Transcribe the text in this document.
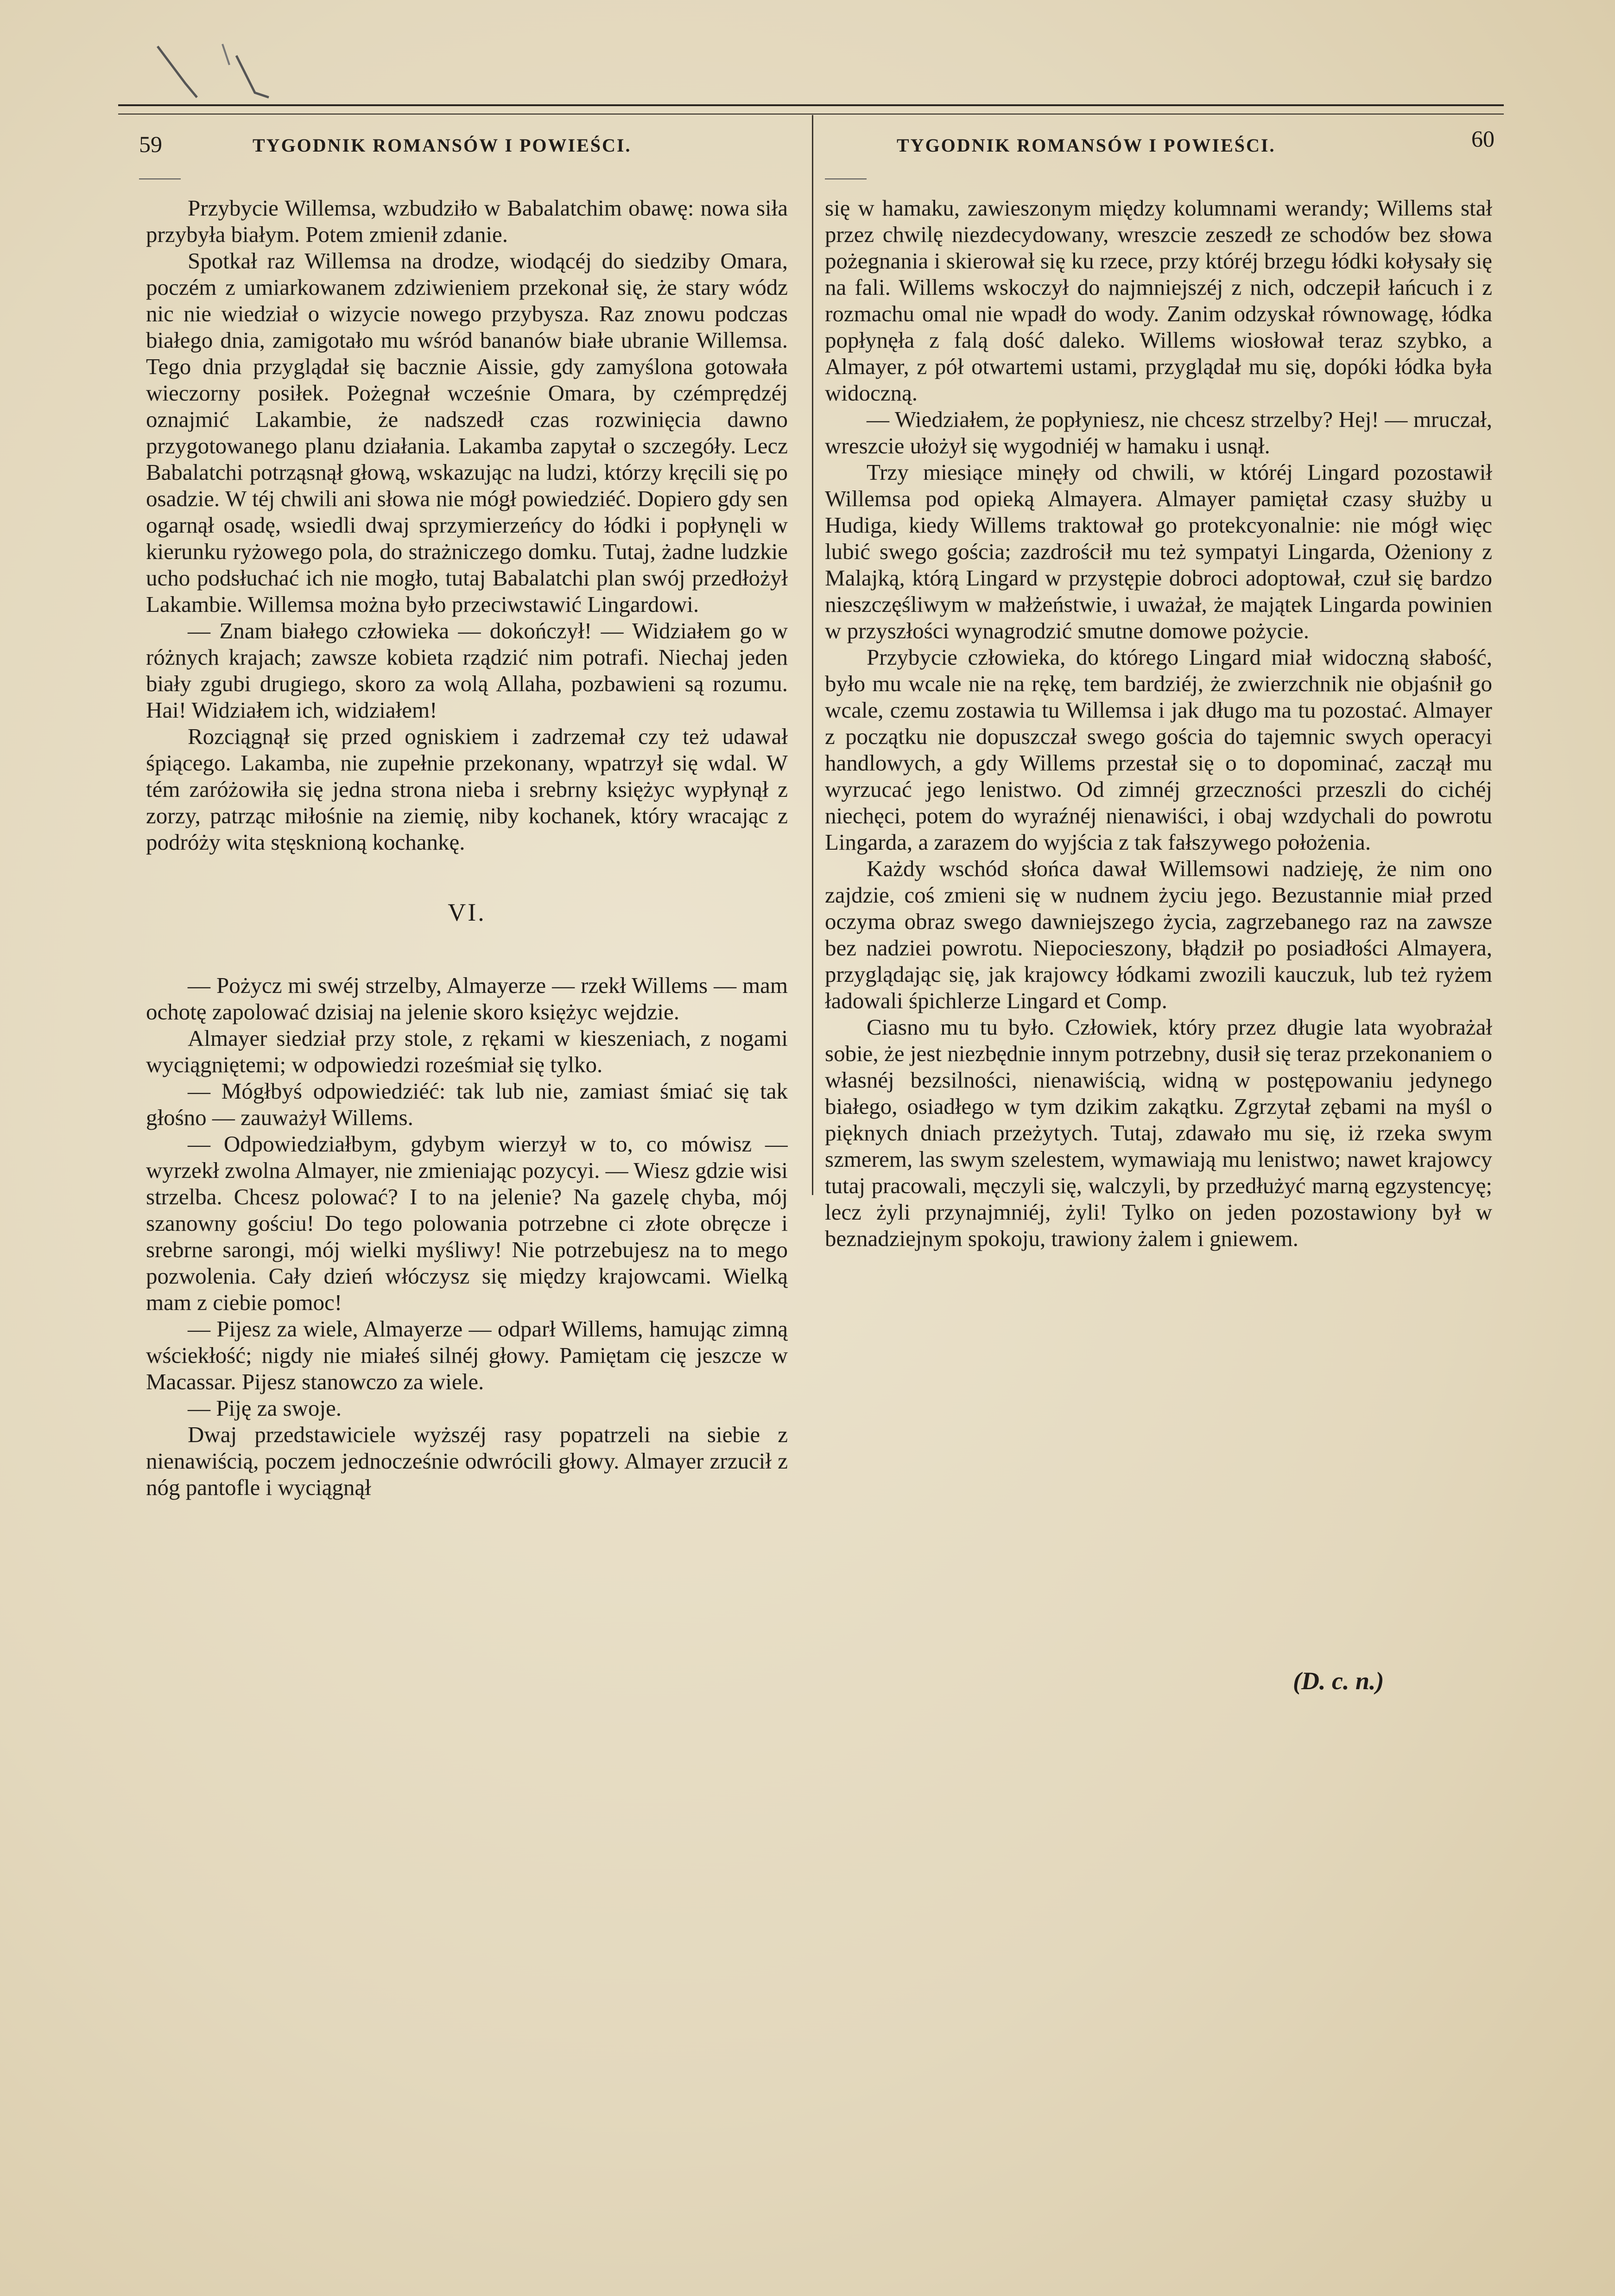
59	TYGODNIK ROMANSÓW I POWIEŚCI.	TYGODNIK ROMANSÓW I POWIEŚCI.	60

Przybycie Willemsa, wzbudziło w Babalatchim obawę: nowa siła przybyła białym. Potem zmienił zdanie.

Spotkał raz Willemsa na drodze, wiodącéj do siedziby Omara, poczém z umiarkowanem zdziwieniem przekonał się, że stary wódz nic nie wiedział o wizycie nowego przybysza. Raz znowu podczas białego dnia, zamigotało mu wśród bananów białe ubranie Willemsa. Tego dnia przyglądał się bacznie Aissie, gdy zamyślona gotowała wieczorny posiłek. Pożegnał wcześnie Omara, by czémprędzéj oznajmić Lakambie, że nadszedł czas rozwinięcia dawno przygotowanego planu działania. Lakamba zapytał o szczegóły. Lecz Babalatchi potrząsnął głową, wskazując na ludzi, którzy kręcili się po osadzie. W téj chwili ani słowa nie mógł powiedziéć. Dopiero gdy sen ogarnął osadę, wsiedli dwaj sprzymierzeńcy do łódki i popłynęli w kierunku ryżowego pola, do strażniczego domku. Tutaj, żadne ludzkie ucho podsłuchać ich nie mogło, tutaj Babalatchi plan swój przedłożył Lakambie. Willemsa można było przeciwstawić Lingardowi.

— Znam białego człowieka — dokończył! — Widziałem go w różnych krajach; zawsze kobieta rządzić nim potrafi. Niechaj jeden biały zgubi drugiego, skoro za wolą Allaha, pozbawieni są rozumu. Hai! Widziałem ich, widziałem!

Rozciągnął się przed ogniskiem i zadrzemał czy też udawał śpiącego. Lakamba, nie zupełnie przekonany, wpatrzył się wdal. W tém zaróżowiła się jedna strona nieba i srebrny księżyc wypłynął z zorzy, patrząc miłośnie na ziemię, niby kochanek, który wracając z podróży wita stęsknioną kochankę.

VI.

— Pożycz mi swéj strzelby, Almayerze — rzekł Willems — mam ochotę zapolować dzisiaj na jelenie skoro księżyc wejdzie.

Almayer siedział przy stole, z rękami w kieszeniach, z nogami wyciągniętemi; w odpowiedzi roześmiał się tylko.

— Mógłbyś odpowiedziéć: tak lub nie, zamiast śmiać się tak głośno — zauważył Willems.

— Odpowiedziałbym, gdybym wierzył w to, co mówisz — wyrzekł zwolna Almayer, nie zmieniając pozycyi. — Wiesz gdzie wisi strzelba. Chcesz polować? I to na jelenie? Na gazelę chyba, mój szanowny gościu! Do tego polowania potrzebne ci złote obręcze i srebrne sarongi, mój wielki myśliwy! Nie potrzebujesz na to mego pozwolenia. Cały dzień włóczysz się między krajowcami. Wielką mam z ciebie pomoc!

— Pijesz za wiele, Almayerze — odparł Willems, hamując zimną wściekłość; nigdy nie miałeś silnéj głowy. Pamiętam cię jeszcze w Macassar. Pijesz stanowczo za wiele.

— Piję za swoje.

Dwaj przedstawiciele wyższéj rasy popatrzeli na siebie z nienawiścią, poczem jednocześnie odwrócili głowy. Almayer zrzucił z nóg pantofle i wyciągnął

się w hamaku, zawieszonym między kolumnami werandy; Willems stał przez chwilę niezdecydowany, wreszcie zeszedł ze schodów bez słowa pożegnania i skierował się ku rzece, przy któréj brzegu łódki kołysały się na fali. Willems wskoczył do najmniejszéj z nich, odczepił łańcuch i z rozmachu omal nie wpadł do wody. Zanim odzyskał równowagę, łódka popłynęła z falą dość daleko. Willems wiosłował teraz szybko, a Almayer, z pół otwartemi ustami, przyglądał mu się, dopóki łódka była widoczną.

— Wiedziałem, że popłyniesz, nie chcesz strzelby? Hej! — mruczał, wreszcie ułożył się wygodniéj w hamaku i usnął.

Trzy miesiące minęły od chwili, w któréj Lingard pozostawił Willemsa pod opieką Almayera. Almayer pamiętał czasy służby u Hudiga, kiedy Willems traktował go protekcyonalnie: nie mógł więc lubić swego gościa; zazdrościł mu też sympatyi Lingarda, Ożeniony z Malajką, którą Lingard w przystępie dobroci adoptował, czuł się bardzo nieszczęśliwym w małżeństwie, i uważał, że majątek Lingarda powinien w przyszłości wynagrodzić smutne domowe pożycie.

Przybycie człowieka, do którego Lingard miał widoczną słabość, było mu wcale nie na rękę, tem bardziéj, że zwierzchnik nie objaśnił go wcale, czemu zostawia tu Willemsa i jak długo ma tu pozostać. Almayer z początku nie dopuszczał swego gościa do tajemnic swych operacyi handlowych, a gdy Willems przestał się o to dopominać, zaczął mu wyrzucać jego lenistwo. Od zimnéj grzeczności przeszli do cichéj niechęci, potem do wyraźnéj nienawiści, i obaj wzdychali do powrotu Lingarda, a zarazem do wyjścia z tak fałszywego położenia.

Każdy wschód słońca dawał Willemsowi nadzieję, że nim ono zajdzie, coś zmieni się w nudnem życiu jego. Bezustannie miał przed oczyma obraz swego dawniejszego życia, zagrzebanego raz na zawsze bez nadziei powrotu. Niepocieszony, błądził po posiadłości Almayera, przyglądając się, jak krajowcy łódkami zwozili kauczuk, lub też ryżem ładowali śpichlerze Lingard et Comp.

Ciasno mu tu było. Człowiek, który przez długie lata wyobrażał sobie, że jest niezbędnie innym potrzebny, dusił się teraz przekonaniem o własnéj bezsilności, nienawiścią, widną w postępowaniu jedynego białego, osiadłego w tym dzikim zakątku. Zgrzytał zębami na myśl o pięknych dniach przeżytych. Tutaj, zdawało mu się, iż rzeka swym szmerem, las swym szelestem, wymawiają mu lenistwo; nawet krajowcy tutaj pracowali, męczyli się, walczyli, by przedłużyć marną egzystencyę; lecz żyli przynajmniéj, żyli! Tylko on jeden pozostawiony był w beznadziejnym spokoju, trawiony żalem i gniewem.

(D. c. n.)
